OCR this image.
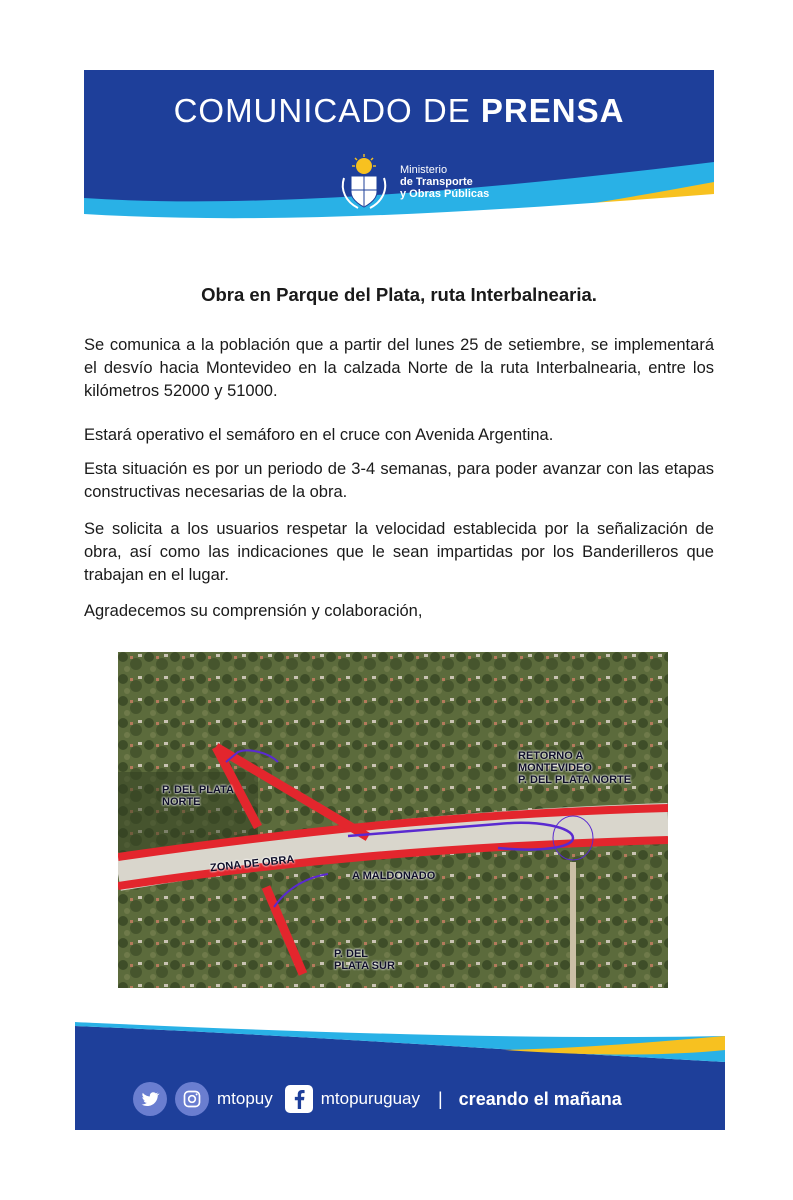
COMUNICADO DE PRENSA
Ministerio
de Transporte
y Obras Públicas
Obra en Parque del Plata, ruta Interbalnearia.

Se comunica a la población que a partir del lunes 25 de setiembre, se implementará el desvío hacia Montevideo en la calzada Norte de la ruta Interbalnearia, entre los kilómetros 52000 y 51000.

Estará operativo el semáforo en el cruce con Avenida Argentina.

Esta situación es por un periodo de 3-4 semanas, para poder avanzar con las etapas constructivas necesarias de la obra.

Se solicita a los usuarios respetar la velocidad establecida por la señalización de obra, así como las indicaciones que le sean impartidas por los Banderilleros que trabajan en el lugar.

Agradecemos su comprensión y colaboración,

P. DEL PLATA
NORTE
RETORNO A
MONTEVIDEO
P. DEL PLATA NORTE
ZONA DE OBRA
A MALDONADO
P. DEL
PLATA SUR
mtopuy	mtopuruguay | creando el mañana
